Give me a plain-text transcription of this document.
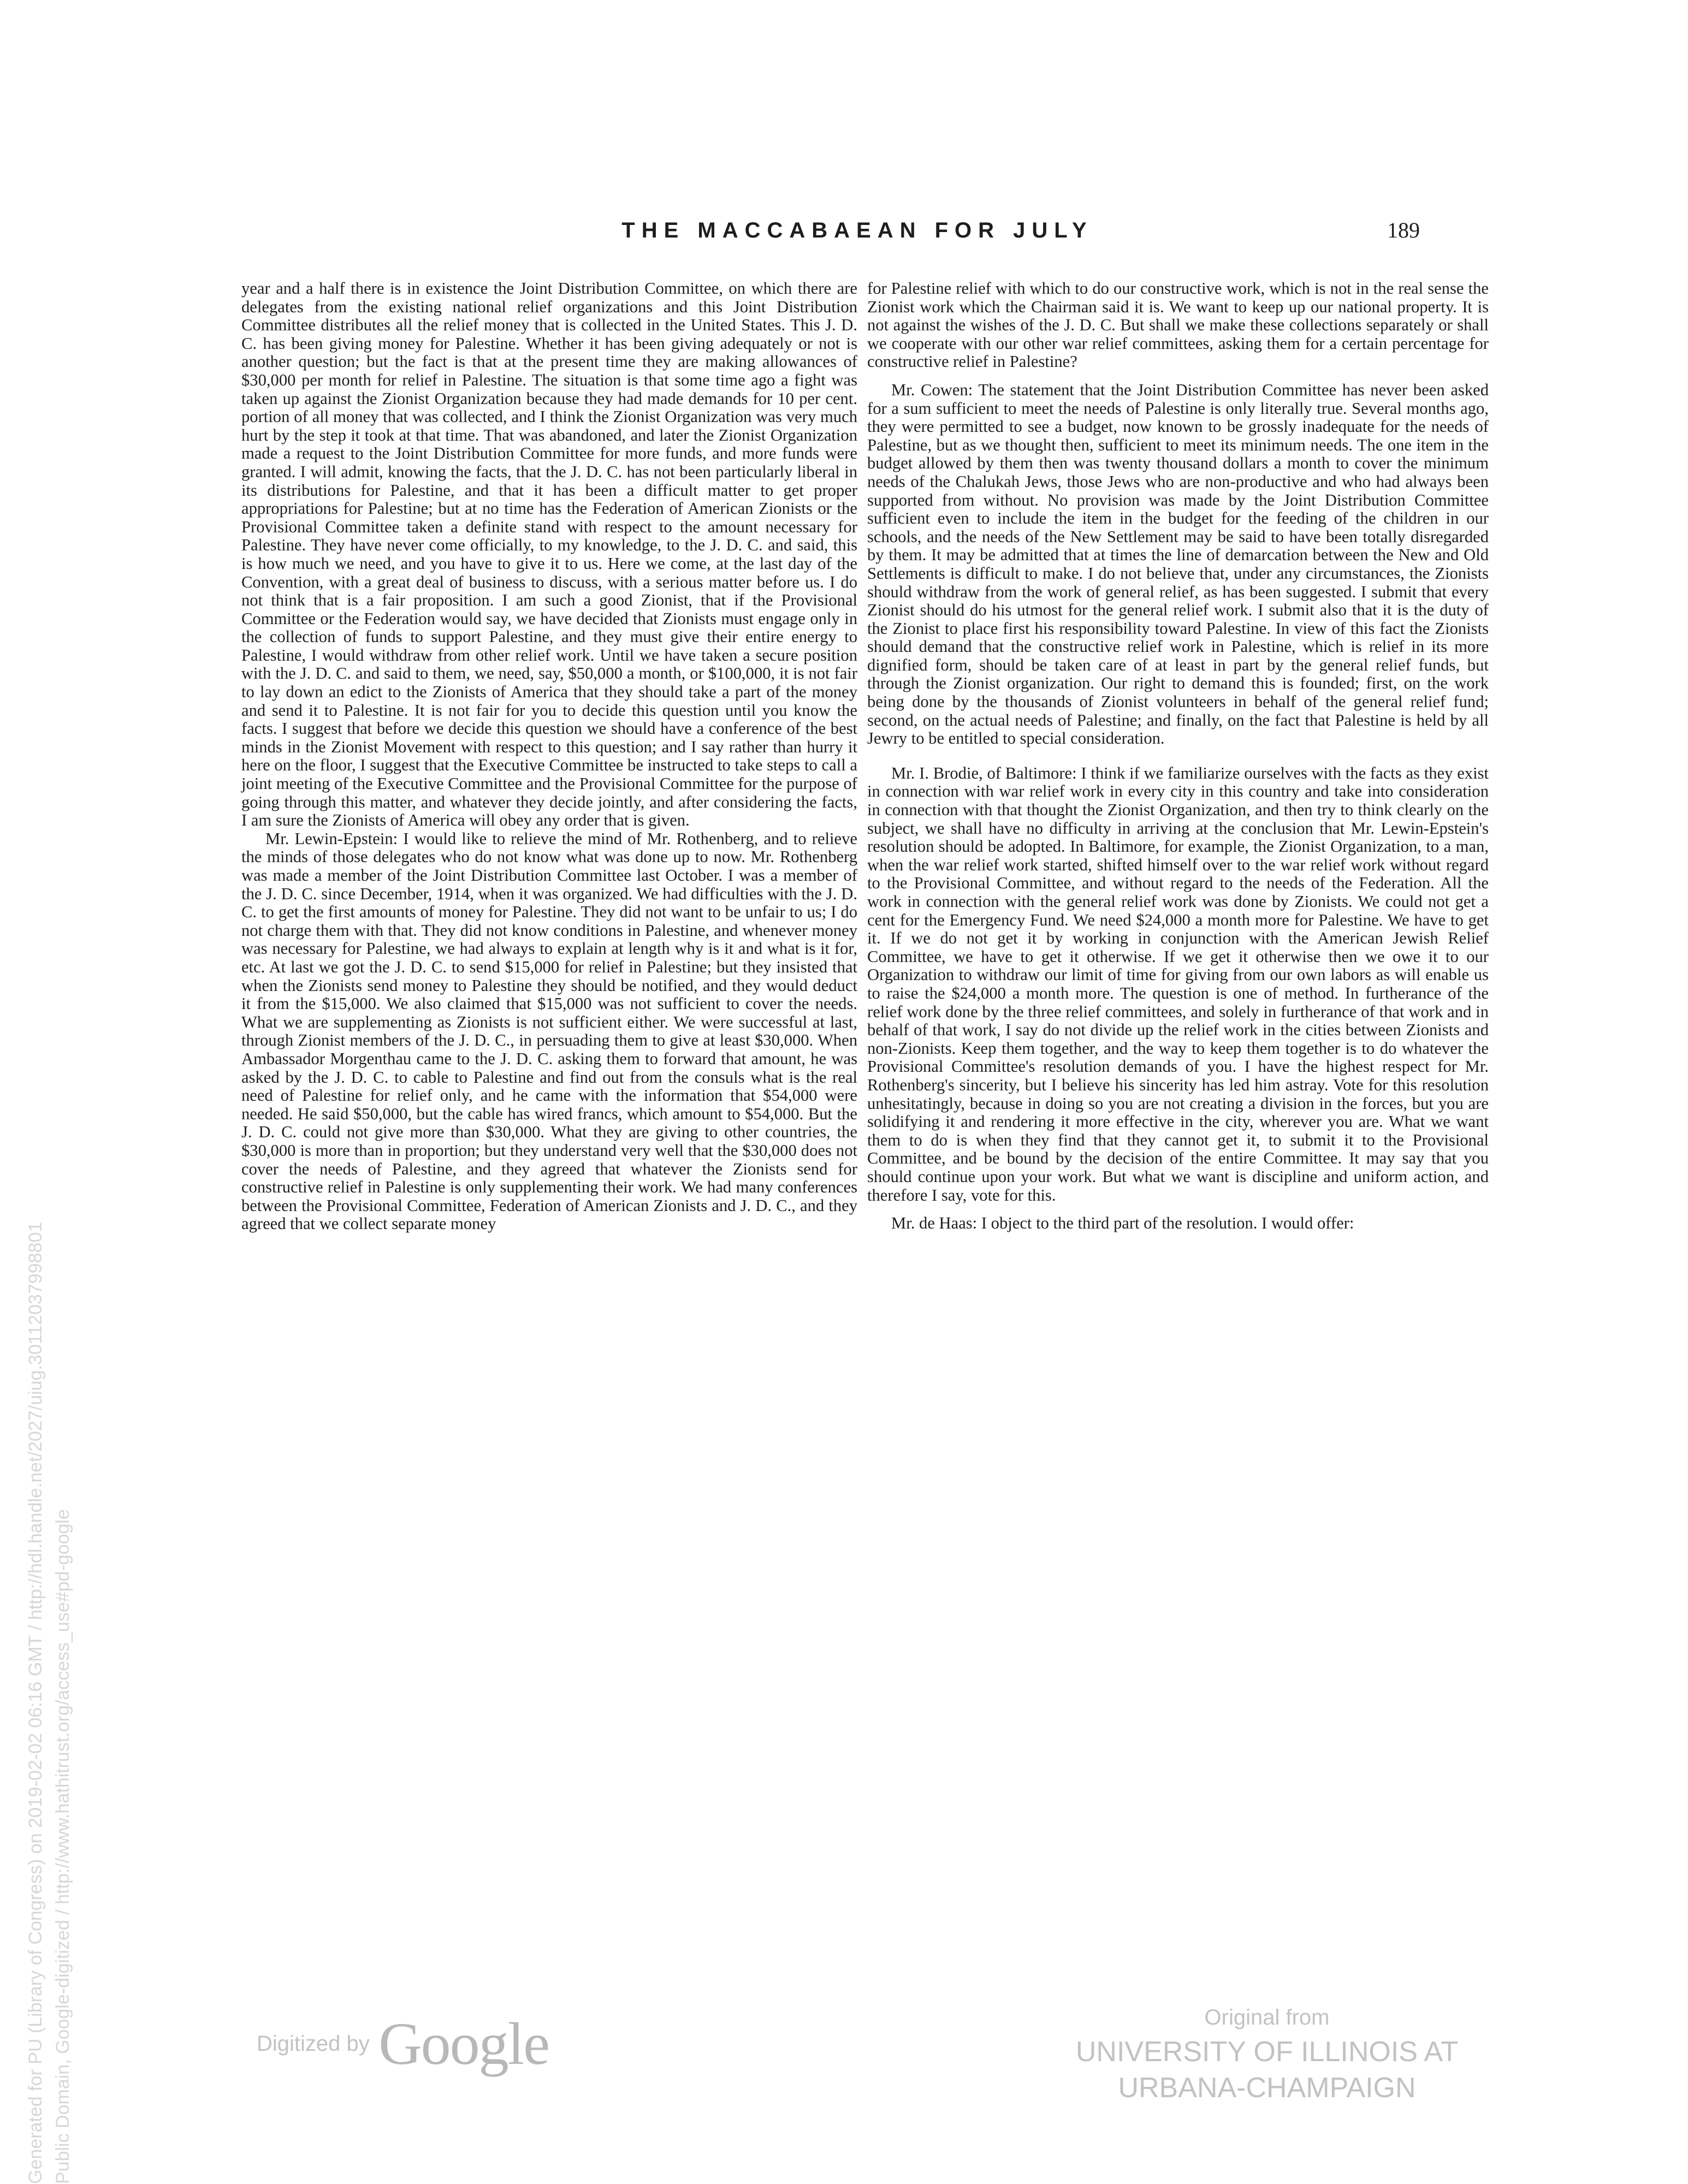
THE MACCABAEAN FOR JULY	189

year and a half there is in existence the Joint Distribution Committee, on which there are delegates from the existing national relief organizations and this Joint Distribution Committee distributes all the relief money that is collected in the United States. This J. D. C. has been giving money for Palestine. Whether it has been giving adequately or not is another question; but the fact is that at the present time they are making allowances of $30,000 per month for relief in Palestine. The situation is that some time ago a fight was taken up against the Zionist Organization because they had made demands for 10 per cent. portion of all money that was collected, and I think the Zionist Organization was very much hurt by the step it took at that time. That was abandoned, and later the Zionist Organization made a request to the Joint Distribution Committee for more funds, and more funds were granted. I will admit, knowing the facts, that the J. D. C. has not been particularly liberal in its distributions for Palestine, and that it has been a difficult matter to get proper appropriations for Palestine; but at no time has the Federation of American Zionists or the Provisional Committee taken a definite stand with respect to the amount necessary for Palestine. They have never come officially, to my knowledge, to the J. D. C. and said, this is how much we need, and you have to give it to us. Here we come, at the last day of the Convention, with a great deal of business to discuss, with a serious matter before us. I do not think that is a fair proposition. I am such a good Zionist, that if the Provisional Committee or the Federation would say, we have decided that Zionists must engage only in the collection of funds to support Palestine, and they must give their entire energy to Palestine, I would withdraw from other relief work. Until we have taken a secure position with the J. D. C. and said to them, we need, say, $50,000 a month, or $100,000, it is not fair to lay down an edict to the Zionists of America that they should take a part of the money and send it to Palestine. It is not fair for you to decide this question until you know the facts. I suggest that before we decide this question we should have a conference of the best minds in the Zionist Movement with respect to this question; and I say rather than hurry it here on the floor, I suggest that the Executive Committee be instructed to take steps to call a joint meeting of the Executive Committee and the Provisional Committee for the purpose of going through this matter, and whatever they decide jointly, and after considering the facts, I am sure the Zionists of America will obey any order that is given.

Mr. Lewin-Epstein: I would like to relieve the mind of Mr. Rothenberg, and to relieve the minds of those delegates who do not know what was done up to now. Mr. Rothenberg was made a member of the Joint Distribution Committee last October. I was a member of the J. D. C. since December, 1914, when it was organized. We had difficulties with the J. D. C. to get the first amounts of money for Palestine. They did not want to be unfair to us; I do not charge them with that. They did not know conditions in Palestine, and whenever money was necessary for Palestine, we had always to explain at length why is it and what is it for, etc. At last we got the J. D. C. to send $15,000 for relief in Palestine; but they insisted that when the Zionists send money to Palestine they should be notified, and they would deduct it from the $15,000. We also claimed that $15,000 was not sufficient to cover the needs. What we are supplementing as Zionists is not sufficient either. We were successful at last, through Zionist members of the J. D. C., in persuading them to give at least $30,000. When Ambassador Morgenthau came to the J. D. C. asking them to forward that amount, he was asked by the J. D. C. to cable to Palestine and find out from the consuls what is the real need of Palestine for relief only, and he came with the information that $54,000 were needed. He said $50,000, but the cable has wired francs, which amount to $54,000. But the J. D. C. could not give more than $30,000. What they are giving to other countries, the $30,000 is more than in proportion; but they understand very well that the $30,000 does not cover the needs of Palestine, and they agreed that whatever the Zionists send for constructive relief in Palestine is only supplementing their work. We had many conferences between the Provisional Committee, Federation of American Zionists and J. D. C., and they agreed that we collect separate money

for Palestine relief with which to do our constructive work, which is not in the real sense the Zionist work which the Chairman said it is. We want to keep up our national property. It is not against the wishes of the J. D. C. But shall we make these collections separately or shall we cooperate with our other war relief committees, asking them for a certain percentage for constructive relief in Palestine?

Mr. Cowen: The statement that the Joint Distribution Committee has never been asked for a sum sufficient to meet the needs of Palestine is only literally true. Several months ago, they were permitted to see a budget, now known to be grossly inadequate for the needs of Palestine, but as we thought then, sufficient to meet its minimum needs. The one item in the budget allowed by them then was twenty thousand dollars a month to cover the minimum needs of the Chalukah Jews, those Jews who are non-productive and who had always been supported from without. No provision was made by the Joint Distribution Committee sufficient even to include the item in the budget for the feeding of the children in our schools, and the needs of the New Settlement may be said to have been totally disregarded by them. It may be admitted that at times the line of demarcation between the New and Old Settlements is difficult to make. I do not believe that, under any circumstances, the Zionists should withdraw from the work of general relief, as has been suggested. I submit that every Zionist should do his utmost for the general relief work. I submit also that it is the duty of the Zionist to place first his responsibility toward Palestine. In view of this fact the Zionists should demand that the constructive relief work in Palestine, which is relief in its more dignified form, should be taken care of at least in part by the general relief funds, but through the Zionist organization. Our right to demand this is founded; first, on the work being done by the thousands of Zionist volunteers in behalf of the general relief fund; second, on the actual needs of Palestine; and finally, on the fact that Palestine is held by all Jewry to be entitled to special consideration.

Mr. I. Brodie, of Baltimore: I think if we familiarize ourselves with the facts as they exist in connection with war relief work in every city in this country and take into consideration in connection with that thought the Zionist Organization, and then try to think clearly on the subject, we shall have no difficulty in arriving at the conclusion that Mr. Lewin-Epstein's resolution should be adopted. In Baltimore, for example, the Zionist Organization, to a man, when the war relief work started, shifted himself over to the war relief work without regard to the Provisional Committee, and without regard to the needs of the Federation. All the work in connection with the general relief work was done by Zionists. We could not get a cent for the Emergency Fund. We need $24,000 a month more for Palestine. We have to get it. If we do not get it by working in conjunction with the American Jewish Relief Committee, we have to get it otherwise. If we get it otherwise then we owe it to our Organization to withdraw our limit of time for giving from our own labors as will enable us to raise the $24,000 a month more. The question is one of method. In furtherance of the relief work done by the three relief committees, and solely in furtherance of that work and in behalf of that work, I say do not divide up the relief work in the cities between Zionists and non-Zionists. Keep them together, and the way to keep them together is to do whatever the Provisional Committee's resolution demands of you. I have the highest respect for Mr. Rothenberg's sincerity, but I believe his sincerity has led him astray. Vote for this resolution unhesitatingly, because in doing so you are not creating a division in the forces, but you are solidifying it and rendering it more effective in the city, wherever you are. What we want them to do is when they find that they cannot get it, to submit it to the Provisional Committee, and be bound by the decision of the entire Committee. It may say that you should continue upon your work. But what we want is discipline and uniform action, and therefore I say, vote for this.

Mr. de Haas: I object to the third part of the resolution. I would offer:

Generated for PU (Library of Congress) on 2019-02-02 06:16 GMT / http://hdl.handle.net/2027/uiug.30112037998801 Public Domain, Google-digitized / http://www.hathitrust.org/access_use#pd-google	Digitized by Google	Original from
UNIVERSITY OF ILLINOIS AT
URBANA-CHAMPAIGN
